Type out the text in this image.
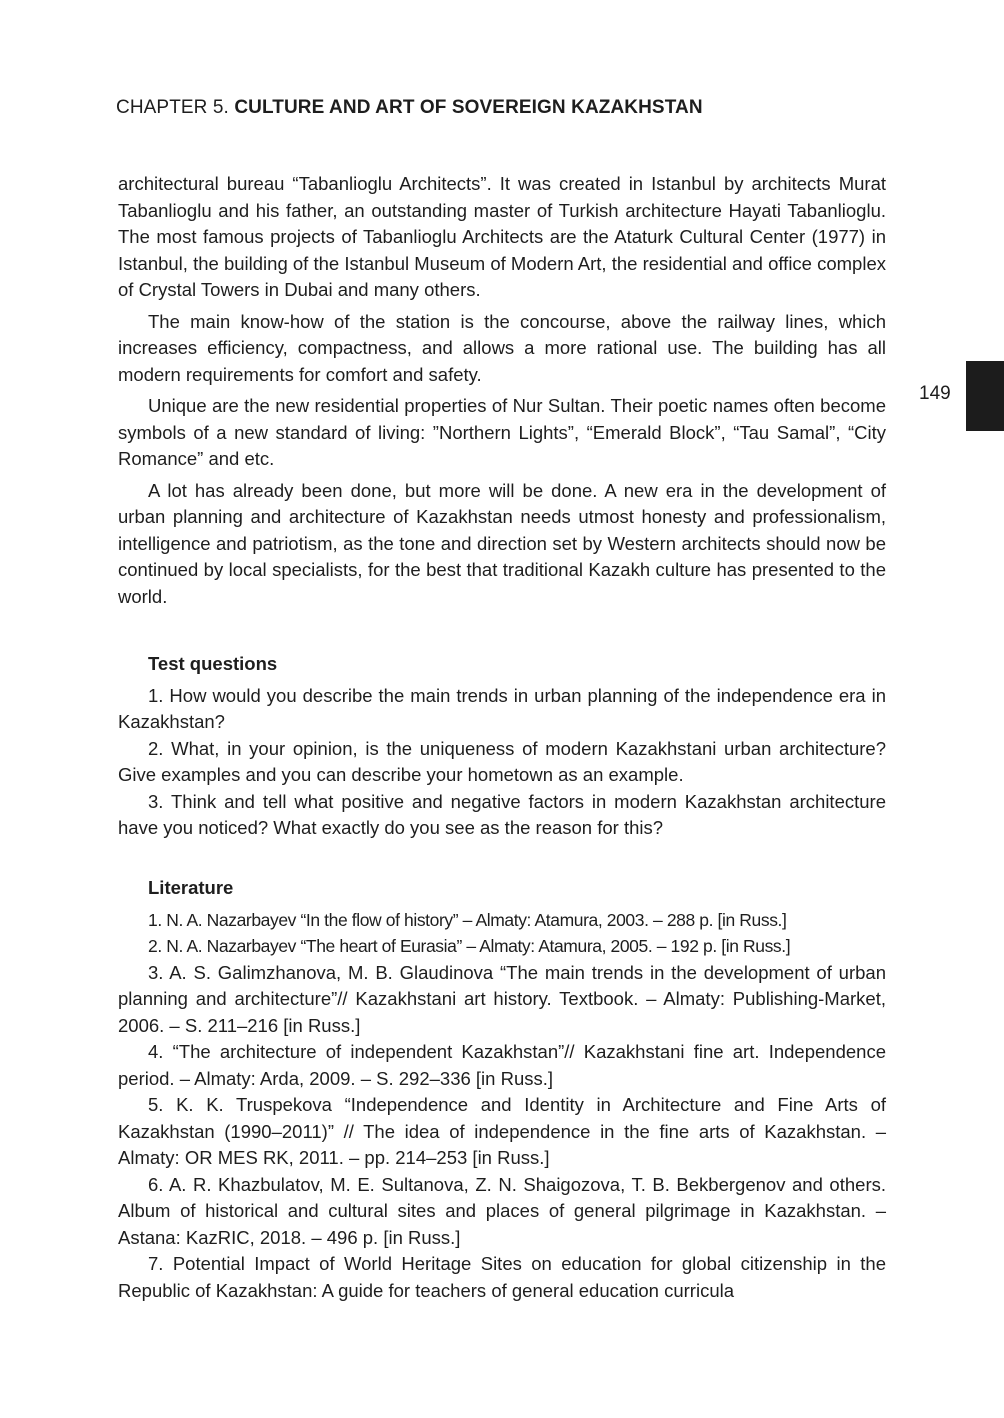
CHAPTER 5. CULTURE AND ART OF SOVEREIGN KAZAKHSTAN
149

architectural bureau “Tabanlioglu Architects”. It was created in Istanbul by architects Murat Tabanlioglu and his father, an outstanding master of Turkish architecture Hayati Tabanlioglu. The most famous projects of Tabanlioglu Architects are the Ataturk Cultural Center (1977) in Istanbul, the building of the Istanbul Museum of Modern Art, the residential and office complex of Crystal Towers in Dubai and many others.

The main know-how of the station is the concourse, above the railway lines, which increases efficiency, compactness, and allows a more rational use. The building has all modern requirements for comfort and safety.

Unique are the new residential properties of Nur Sultan. Their poetic names often become symbols of a new standard of living: ”Northern Lights”, “Emerald Block”, “Tau Samal”, “City Romance” and etc.

A lot has already been done, but more will be done. A new era in the development of urban planning and architecture of Kazakhstan needs utmost honesty and professionalism, intelligence and patriotism, as the tone and direction set by Western architects should now be continued by local specialists, for the best that traditional Kazakh culture has presented to the world.

Test questions

1. How would you describe the main trends in urban planning of the independence era in Kazakhstan?

2. What, in your opinion, is the uniqueness of modern Kazakhstani urban architecture? Give examples and you can describe your hometown as an example.

3. Think and tell what positive and negative factors in modern Kazakhstan architecture have you noticed? What exactly do you see as the reason for this?

Literature

1. N. A. Nazarbayev “In the flow of history” – Almaty: Atamura, 2003. – 288 p. [in Russ.]

2. N. A. Nazarbayev “The heart of Eurasia” – Almaty: Atamura, 2005. – 192 p. [in Russ.]

3. A. S. Galimzhanova, M. B. Glaudinova “The main trends in the development of urban planning and architecture”// Kazakhstani art history. Textbook. – Almaty: Publishing-Market, 2006. – S. 211–216 [in Russ.]

4. “The architecture of independent Kazakhstan”// Kazakhstani fine art. Independence period. – Almaty: Arda, 2009. – S. 292–336 [in Russ.]

5. K. K. Truspekova “Independence and Identity in Architecture and Fine Arts of Kazakhstan (1990–2011)” // The idea of independence in the fine arts of Kazakhstan. – Almaty: OR MES RK, 2011. – pp. 214–253 [in Russ.]

6. A. R. Khazbulatov, M. E. Sultanova, Z. N. Shaigozova, T. B. Bekbergenov and others. Album of historical and cultural sites and places of general pilgrimage in Kazakhstan. – Astana: KazRIC, 2018. – 496 p. [in Russ.]

7. Potential Impact of World Heritage Sites on education for global citizenship in the Republic of Kazakhstan: A guide for teachers of general education curricula
